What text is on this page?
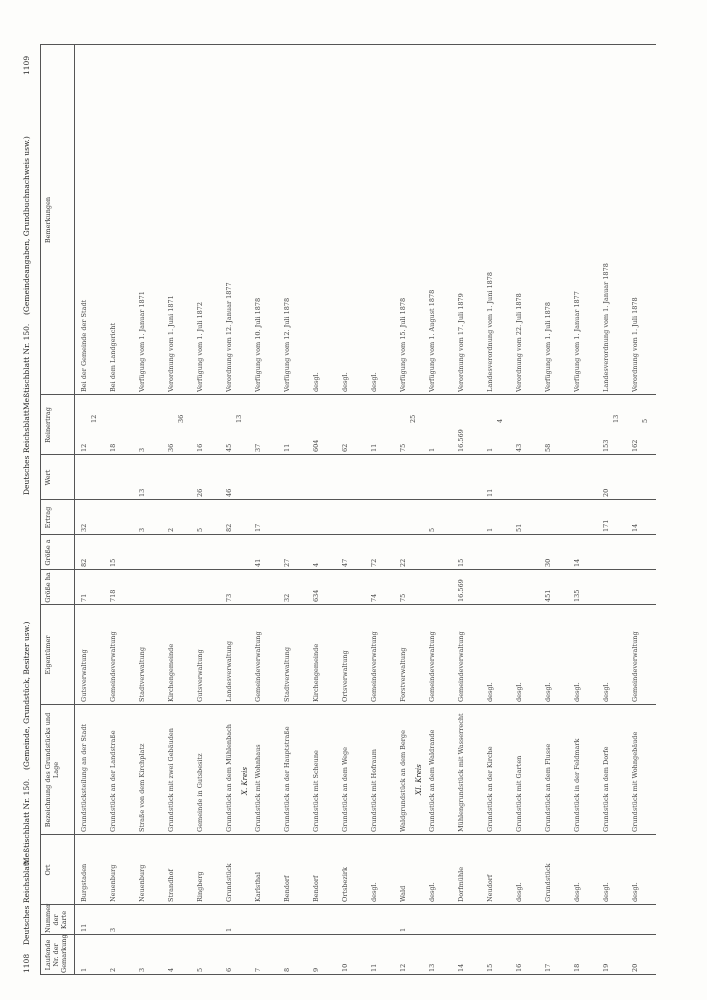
1108
Deutsches Reichsblatt
Meßtischblatt Nr. 150.
(Gemeinde, Grundstück, Besitzer usw.)
Deutsches Reichsblatt
Meßtischblatt Nr. 150.
(Gemeindeangaben, Grundbuchnachweis usw.)
1109
Laufende Nr. der Gemarkung
Nummer der Karte
Ort
Bezeichnung des Grundstücks und Lage
Eigentümer
Größe ha
Größe a
Ertrag
Wert
Reinertrag
Bemerkungen
1
11
Burgstaden
Grundstücksteilung an der Stadt
Gutsverwaltung
71
82
32
12
Bei der Gemeinde der Stadt
12
2
3
Neuenburg
Grundstück an der Landstraße
Gemeindeverwaltung
718
15
18
Bei dem Landgericht
3
Neuenburg
Straße von dem Kirchplatz
Stadtverwaltung
3
13
3
Verfügung vom 1. Januar 1871
4
Strandhof
Grundstück mit zwei Gebäuden
Kirchengemeinde
2
36
Verordnung vom 1. Juni 1871
36
5
Ringberg
Gemeinde in Gutsbesitz
Gutsverwaltung
5
26
16
Verfügung vom 1. Juli 1872
6
1
Grundstück
Grundstück an dem Mühlenbach
Landesverwaltung
73
82
46
45
Verordnung vom 12. Januar 1877
13
7
Karlsthal
Grundstück mit Wohnhaus
Gemeindeverwaltung
41
17
37
Verfügung vom 10. Juli 1878
8
Bendorf
Grundstück an der Hauptstraße
Stadtverwaltung
32
27
11
Verfügung vom 12. Juli 1878
9
Bendorf
Grundstück mit Scheune
Kirchengemeinde
634
4
604
desgl.
10
Ortsbezirk
Grundstück an dem Wege
Ortsverwaltung
47
62
desgl.
11
desgl.
Grundstück mit Hofraum
Gemeindeverwaltung
74
72
11
desgl.
12
1
Wald
Waldgrundstück an dem Berge
Forstverwaltung
75
22
75
Verfügung vom 15. Juli 1878
25
13
desgl.
Grundstück an dem Waldrande
Gemeindeverwaltung
5
1
Verfügung vom 1. August 1878
14
Dorfmühle
Mühlengrundstück mit Wasserrecht
Gemeindeverwaltung
16.569
15
16.569
Verordnung vom 17. Juli 1879
15
Neudorf
Grundstück an der Kirche
desgl.
1
11
1
Landesverordnung vom 1. Juni 1878
4
16
desgl.
Grundstück mit Garten
desgl.
51
43
Verordnung vom 22. Juli 1878
17
Grundstück
Grundstück an dem Flusse
desgl.
451
30
58
Verfügung vom 1. Juli 1878
18
desgl.
Grundstück in der Feldmark
desgl.
135
14
Verfügung vom 1. Januar 1877
19
desgl.
Grundstück an dem Dorfe
desgl.
171
20
153
Landesverordnung vom 1. Januar 1878
13
20
desgl.
Grundstück mit Wohngebäude
Gemeindeverwaltung
14
162
Verordnung vom 1. Juli 1878
5
X. Kreis	XI. Kreis
